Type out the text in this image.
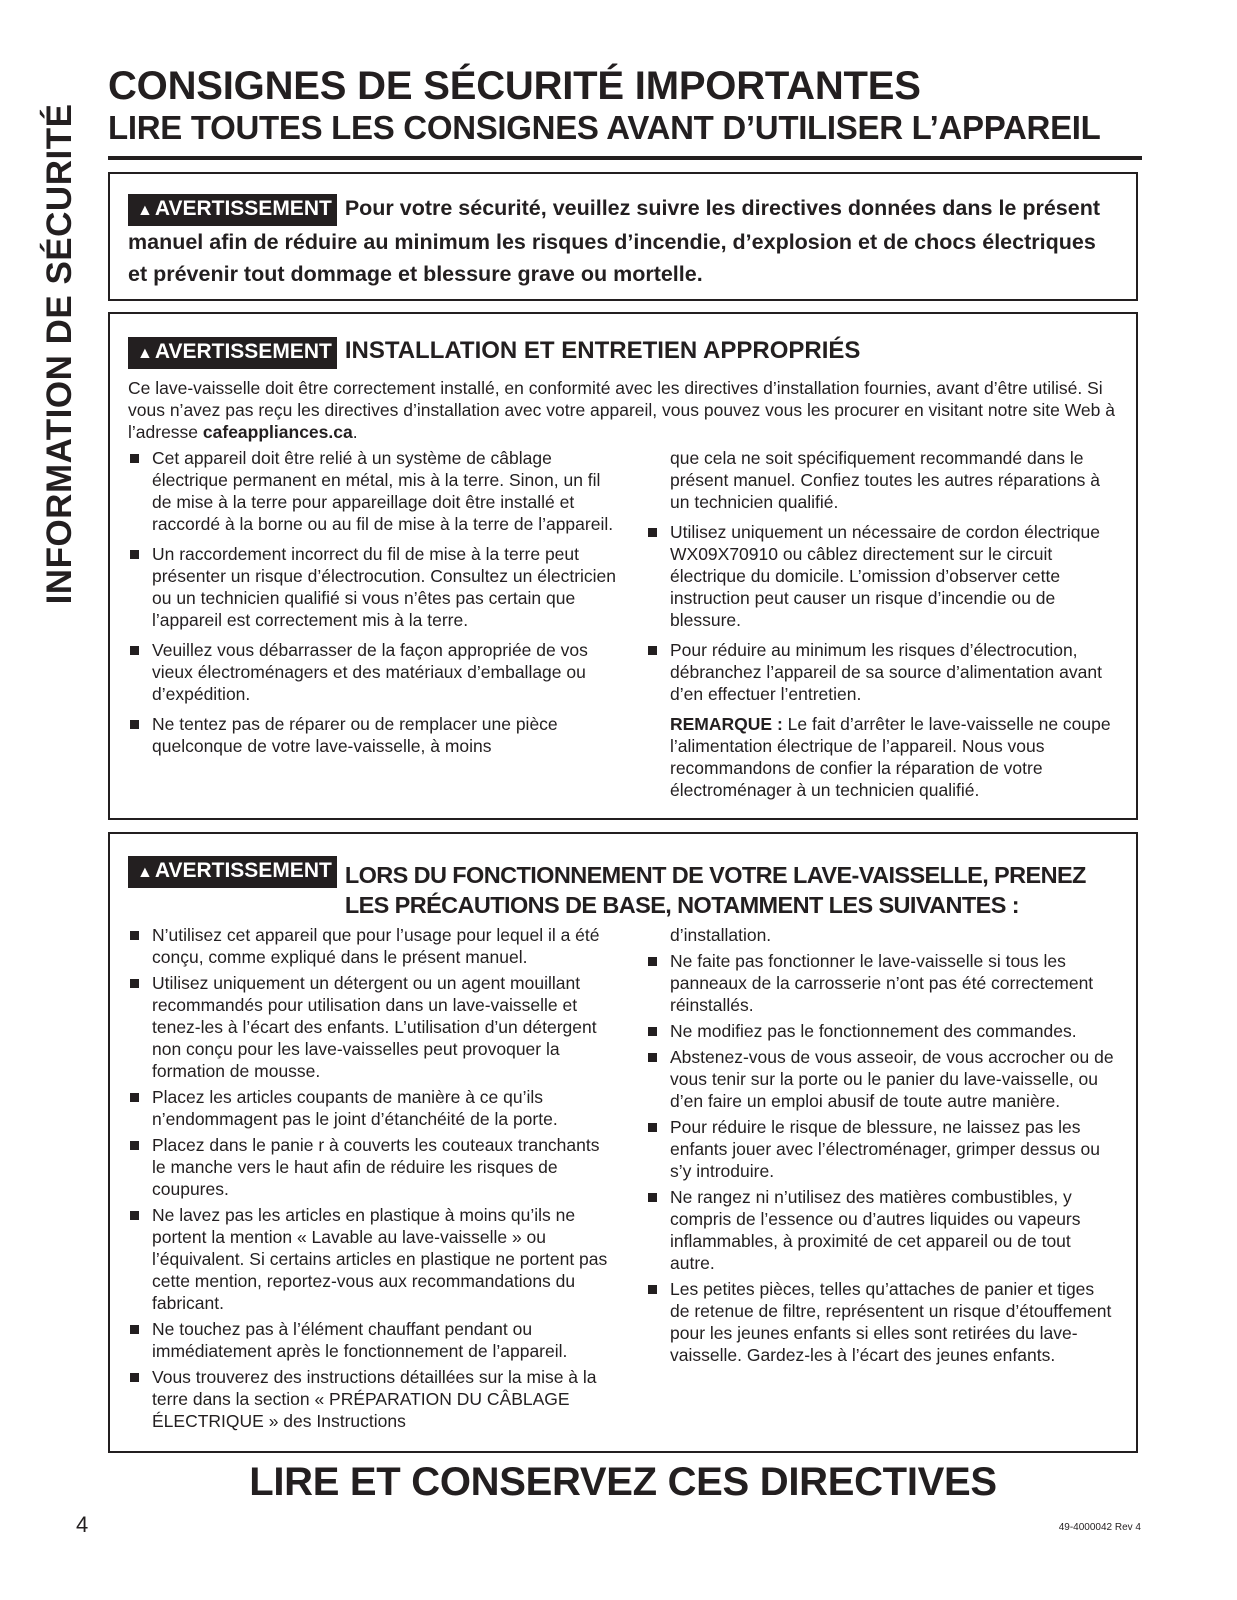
INFORMATION DE SÉCURITÉ
CONSIGNES DE SÉCURITÉ IMPORTANTES
LIRE TOUTES LES CONSIGNES AVANT D’UTILISER L’APPAREIL

▲AVERTISSEMENT Pour votre sécurité, veuillez suivre les directives données dans le présent manuel afin de réduire au minimum les risques d’incendie, d’explosion et de chocs électriques et prévenir tout dommage et blessure grave ou mortelle.

▲AVERTISSEMENT INSTALLATION ET ENTRETIEN APPROPRIÉS

Ce lave-vaisselle doit être correctement installé, en conformité avec les directives d’installation fournies, avant d’être utilisé. Si vous n’avez pas reçu les directives d’installation avec votre appareil, vous pouvez vous les procurer en visitant notre site Web à l’adresse cafeappliances.ca.

Cet appareil doit être relié à un système de câblage électrique permanent en métal, mis à la terre. Sinon, un fil de mise à la terre pour appareillage doit être installé et raccordé à la borne ou au fil de mise à la terre de l’appareil.
Un raccordement incorrect du fil de mise à la terre peut présenter un risque d’électrocution. Consultez un électricien ou un technicien qualifié si vous n’êtes pas certain que l’appareil est correctement mis à la terre.
Veuillez vous débarrasser de la façon appropriée de vos vieux électroménagers et des matériaux d’emballage ou d’expédition.
Ne tentez pas de réparer ou de remplacer une pièce quelconque de votre lave-vaisselle, à moins
que cela ne soit spécifiquement recommandé dans le présent manuel. Confiez toutes les autres réparations à un technicien qualifié.
Utilisez uniquement un nécessaire de cordon électrique WX09X70910 ou câblez directement sur le circuit électrique du domicile. L’omission d’observer cette instruction peut causer un risque d’incendie ou de blessure.
Pour réduire au minimum les risques d’électrocution, débranchez l’appareil de sa source d’alimentation avant d’en effectuer l’entretien.
REMARQUE : Le fait d’arrêter le lave-vaisselle ne coupe l’alimentation électrique de l’appareil. Nous vous recommandons de confier la réparation de votre électroménager à un technicien qualifié.
▲AVERTISSEMENT LORS DU FONCTIONNEMENT DE VOTRE LAVE-VAISSELLE, PRENEZ
LES PRÉCAUTIONS DE BASE, NOTAMMENT LES SUIVANTES :
N’utilisez cet appareil que pour l’usage pour lequel il a été conçu, comme expliqué dans le présent manuel.
Utilisez uniquement un détergent ou un agent mouillant recommandés pour utilisation dans un lave-vaisselle et tenez-les à l’écart des enfants. L’utilisation d’un détergent non conçu pour les lave-vaisselles peut provoquer la formation de mousse.
Placez les articles coupants de manière à ce qu’ils n’endommagent pas le joint d’étanchéité de la porte.
Placez dans le panie r à couverts les couteaux tranchants le manche vers le haut afin de réduire les risques de coupures.
Ne lavez pas les articles en plastique à moins qu’ils ne portent la mention « Lavable au lave-vaisselle » ou l’équivalent. Si certains articles en plastique ne portent pas cette mention, reportez-vous aux recommandations du fabricant.
Ne touchez pas à l’élément chauffant pendant ou immédiatement après le fonctionnement de l’appareil.
Vous trouverez des instructions détaillées sur la mise à la terre dans la section « PRÉPARATION DU CÂBLAGE ÉLECTRIQUE » des Instructions
d’installation.
Ne faite pas fonctionner le lave-vaisselle si tous les panneaux de la carrosserie n’ont pas été correctement réinstallés.
Ne modifiez pas le fonctionnement des commandes.
Abstenez-vous de vous asseoir, de vous accrocher ou de vous tenir sur la porte ou le panier du lave-vaisselle, ou d’en faire un emploi abusif de toute autre manière.
Pour réduire le risque de blessure, ne laissez pas les enfants jouer avec l’électroménager, grimper dessus ou s’y introduire.
Ne rangez ni n’utilisez des matières combustibles, y compris de l’essence ou d’autres liquides ou vapeurs inflammables, à proximité de cet appareil ou de tout autre.
Les petites pièces, telles qu’attaches de panier et tiges de retenue de filtre, représentent un risque d’étouffement pour les jeunes enfants si elles sont retirées du lave-vaisselle. Gardez-les à l’écart des jeunes enfants.
LIRE ET CONSERVEZ CES DIRECTIVES
4	49-4000042 Rev 4
